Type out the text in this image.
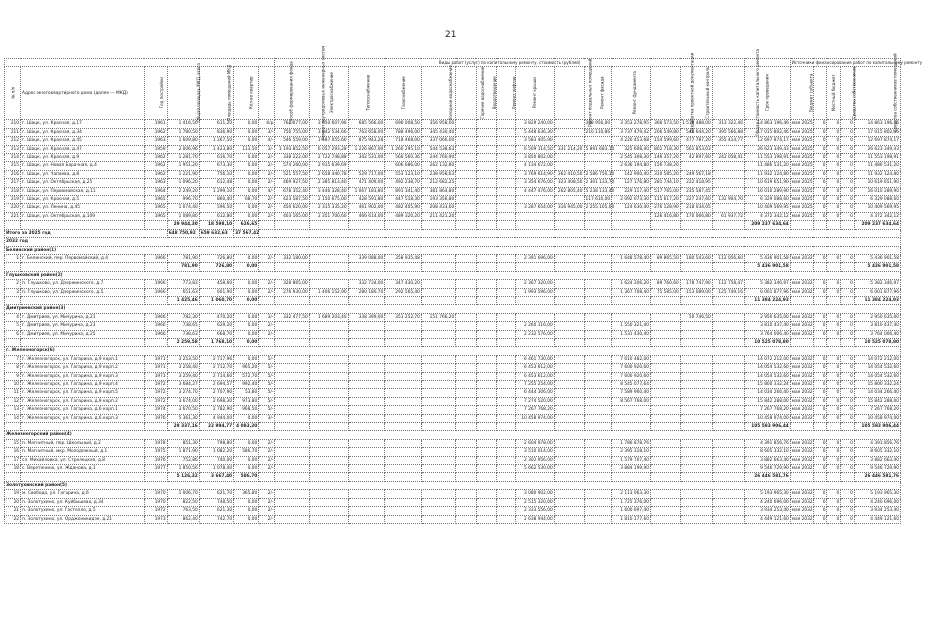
21
							Виды работ (услуг) по капитальному ремонту, стоимость (рублей)																Источники финансирования работ по капитальному ремонту				
№ п/п	Адрес многоквартирного дома (далее — МКД)	Год постройки	Общая площадь МКД, всего	Площадь помещений МКД	Кол-во квартир	Способ формирования фонда	Ремонт внутридомовых инженерных систем	Электроснабжение	Теплоснабжение	Газоснабжение	Холодное водоснабжение	Горячее водоснабжение	Водоотведение	Ремонт лифтов	Ремонт крыши	Ремонт подвальных помещений	Ремонт фасада	Ремонт фундамента	Разработка проектной документации	Строительный контроль	Общая стоимость капитального ремонта	Срок проведения	Бюджет субъекта	Местный бюджет	Средства собственников		Средства собственников помещений
210	г. Шацк, ул. Красная, д.17	1961	1 416,50	611,20	0,00	б/р	762 077,00	3 050 607,96	685 566,00	696 008,50	356 958,00				3 829 240,00		398 956,00	3 353 278,95	366 573,50	1 518 488,00	313 322,46	14 863 196,46	мая 2025	0	0	0	14 863 196,46
211	г. Шацк, ул. Красная, д.34	1962	1 780,50	836,90	0,00	3/-	756 755,00	3 842 534,66	763 658,00	788 496,00	345 430,40				5 448 636,30		210 110,86	3 737 479,42	206 549,80	548 644,20	395 566,88	17 015 802,46	мая 2025	0	0	0	17 015 802,46
212	г. Шацк, ул. Красная, д.45	1963	1 609,80	1 267,50	0,00	4/-	546 559,00	1 487 055,66	875 943,28	718 468,00	337 066,00				3 583 405,90			4 220 453,68	154 599,60	477 787,20	355 414,77	12 697 874,17	мая 2025	0	0	0	12 697 874,17
213	г. Шацк, ул. Красная, д.47	1959	2 006,96	1 423,80	113,50	3/-	1 193 852,50	6 057 293,28	1 226 867,00	1 260 295,10	544 538,63				6 509 114,50	331 214,20	5 891 683,10	325 608,40	801 718,30	561 853,03		26 623 349,43	мая 2025	0	0	0	26 623 349,43
214	г. Шацк, ул. Красная, д.9	1962	1 281,70	616,70	0,00	2/-	338 222,00	2 722 748,88	342 531,00	566 560,36	244 760,90				3 850 802,00			2 545 308,30	146 357,20	42 897,60	242 058,41	11 553 198,91	мая 2025	0	0	0	11 553 198,91
215	г. Шацк, ул. Новая Барачная, д.4	1962	1 951,20	673,30	0,00	2/-	574 260,00	2 915 639,69		606 686,00	262 132,80				4 134 672,00			2 636 194,80	156 738,20			11 486 531,20	мая 2025	0	0	0	11 486 531,20
216	г. Шацк, ул. Чапаева, д.8	1962	1 221,90	756,10	0,00	2/-	521 557,50	2 658 440,78	529 717,00	553 123,10	238 958,63				3 769 614,90	362 410,50	2 586 750,10	142 900,40	310 585,20	249 567,18		11 932 124,80	мая 2025	0	0	0	11 932 124,80
217	г. Шацк, ул. Октябрьская, д.25	1963	1 096,20	612,48	0,00	2/-	469 927,50	2 385 813,40	471 409,00	492 238,70	212 682,25				3 354 676,00	323 408,50	2 301 133,70	127 176,80	281 744,10	222 418,95		10 619 651,90	мая 2025	0	0	0	10 619 651,90
218	г. Шацк, ул. Первомайская, д.11	1964	2 249,20	1 299,10	0,00	4/-	678 352,40	3 446 328,40	1 067 183,80	891 341,40	381 864,80				4 447 476,00	262 805,40	5 238 133,40	229 117,40	517 765,00	235 587,45		16 010 289,90	мая 2025	0	0	0	16 010 289,90
219	г. Шацк, ул. Красная, д.5	1965	996,70	860,40	68,70	2/-	423 587,50	2 150 675,00	428 591,80	447 518,30	193 356,80						117 610,00	2 092 073,30	115 617,20	227 247,60	132 904,70	6 329 088,60	мая 2025	0	0	0	6 329 088,60
220	г. Шацк, ул. Ленина, д.45	1965	1 074,40	596,50	0,00	2/-	450 620,00	2 315 335,20	461 902,00	482 405,90	208 433,60				3 287 654,00	316 945,00	2 255 105,00	124 630,40	276 128,90	218 034,05		10 409 569,95	мая 2025	0	0	0	10 409 569,95
221	г. Шацк, ул. Октябрьская, д.109	1965	1 089,80	612,80	0,00	2/-	403 165,00	2 351 700,60	466 614,00	489 320,20	211 421,20								126 416,80	170 066,80	61 937,72	4 372 342,12	мая 2025	0	0	0	4 372 342,12
			29 944,30	18 598,10	626,65																	209 237 634,64					209 237 634,64
Итого за 2025 год			648 750,92	659 632,63	37 567,42																						
2032 год																											
Белинский район(1)																											
1	г. Белинский, пер. Первомайский, д.4	1966	781,90	726,80	0,00	2/-	332 180,00		339 088,00	358 935,48					2 391 696,00			1 648 578,40	89 865,50	180 543,60	112 056,60	5 436 901,58	мая 2032	0	0	0	5 436 901,58
			781,90	726,80	0,00																	5 436 901,58					5 436 901,58
Глушковский район(2)																											
2	п. Глушково, ул. Дзержинского, д.7	1966	773,83	458,60	0,00	2/-	328 865,00		332 734,00	347 430,20					2 367 320,00			1 624 206,20	89 760,60	178 747,90	112 758,47	5 382 346,97	мая 2032	0	0	0	5 382 346,97
3	п. Глушково, ул. Дзержинского, д.5	1966	651,63	601,90	0,00	2/-	276 930,00	1 406 152,90	280 180,70	292 565,40					1 993 596,00			1 367 708,40	75 585,00	153 089,00	125 749,16	6 001 877,96	мая 2032	0	0	0	6 001 877,96
			1 425,46	1 060,70	0,00																	11 384 224,93					11 384 224,93
Дмитриевский район(3)																											
4	г. Дмитриев, ул. Мичурина, д.21	1966	782,30	470,20	0,00	3/-	332 477,50	1 689 203,40	338 399,00	351 252,70	151 766,20									50 746,50		2 950 635,00	мая 2032	0	0	0	2 950 635,00
5	г. Дмитриев, ул. Мичурина, д.23	1966	738,65	629,20	0,00	2/-									2 260 116,00			1 550 321,40				3 810 437,40	мая 2032	0	0	0	3 810 437,40
6	г. Дмитриев, ул. Мичурина, д.25	1966	738,63	668,70	0,00	2/-									2 232 576,00			1 531 430,40				3 764 006,40	мая 2032	0	0	0	3 764 006,40
			2 259,58	1 768,10	0,00																	10 525 078,80					10 525 078,80
г. Железногорск(6)																											
7	г. Железногорск, ул. Гагарина, д.9 корп.1	1971	3 253,50	2 717,96	0,00	5/-									6 461 730,00			7 610 482,00				14 072 212,00	мая 2032	0	0	0	14 072 212,00
8	г. Железногорск, ул. Гагарина, д.9 корп.2	1971	3 258,40	2 712,70	965,20	5/-									6 453 612,00			7 600 920,60				14 054 532,60	мая 2032	0	0	0	14 054 532,60
9	г. Железногорск, ул. Гагарина, д.9 корп.3	1971	3 259,40	2 714,60	572,70	5/-									6 453 612,00			7 600 920,60				14 054 532,60	мая 2032	0	0	0	14 054 532,60
10	г. Железногорск, ул. Гагарина, д.9 корп.4	1972	3 684,27	2 694,57	992,40	5/-									7 255 254,00			8 545 077,64				15 800 332,24	мая 2032	0	0	0	15 800 332,24
11	г. Железногорск, ул. Гагарина, д.9 корп.5	1972	3 274,70	2 707,90	53,80	5/-									6 444 306,00			7 589 960,40				14 034 266,40	мая 2032	0	0	0	14 034 266,40
12	г. Железногорск, ул. Гагарина, д.9 корп.2	1972	3 674,00	2 698,30	973,80	5/-									7 274 520,00			8 567 768,00				15 842 288,00	мая 2032	0	0	0	15 842 288,00
13	г. Железногорск, ул. Гагарина, д.6 корп.1	1974	3 670,50	2 782,90	968,50	5/-									7 267 768,20							7 267 768,20	мая 2032	0	0	0	7 267 768,20
14	г. Железногорск, ул. Гагарина, д.6 корп.3	1976	5 361,30	4 944,00	0,00	3/-									10 458 974,00							10 458 974,00	мая 2032	0	0	0	10 458 974,00
			29 337,16	22 994,77	4 083,20																	105 583 906,44					105 583 906,44
Железногорский район(4)																											
15	п. Магнитный, пер. Школьный, д.2	1978	851,30	798,80	0,00	2/-									2 604 978,00			1 786 878,76				4 391 856,76	мая 2032	0	0	0	4 391 856,76
16	п. Магнитный, мкр. Молодежный, д.1	1975	1 871,90	1 082,20	586,70	2/-									3 510 014,00			2 395 318,10				8 605 332,10	мая 2032	0	0	0	8 605 332,10
17	сл. Михайловка, ул. Стрелецкая, д.8	1976	752,86	740,00	0,00	2/-									2 302 956,00			1 579 707,40				3 882 663,40	мая 2032	0	0	0	3 882 663,40
18	с. Веретенино, ул. Жданова, д.1	1977	1 850,56	1 078,40	0,00	2/-									5 662 530,00			3 884 199,90				9 546 729,90	мая 2032	0	0	0	9 546 729,90
			5 126,32	3 667,40	586,70																	26 446 581,76					26 446 581,76
Золотухинский район(5)																											
19	м. Свобода, ул. Гагарина, д.6	1970	1 006,70	621,70	365,80	2/-									3 080 902,00			2 113 063,30				5 193 965,30	мая 2032	0	0	0	5 193 965,30
20	п. Золотухино, ул. Куйбышева, д.34	1970	822,50	748,50	0,00	2/-									2 515 320,00			1 725 376,00				4 240 696,00	мая 2032	0	0	0	4 240 696,00
21	п. Золотухино, ул. Гастелло, д.5	1972	763,50	621,30	0,00	2/-									2 333 556,00			1 600 697,40				3 934 253,40	мая 2032	0	0	0	3 934 253,40
22	п. Золотухино, ул. Орджоникидзе, д.21	1973	862,40	742,70	0,00	2/-									2 638 944,00			1 810 177,60				4 449 121,60	мая 2032	0	0	0	4 449 121,60
